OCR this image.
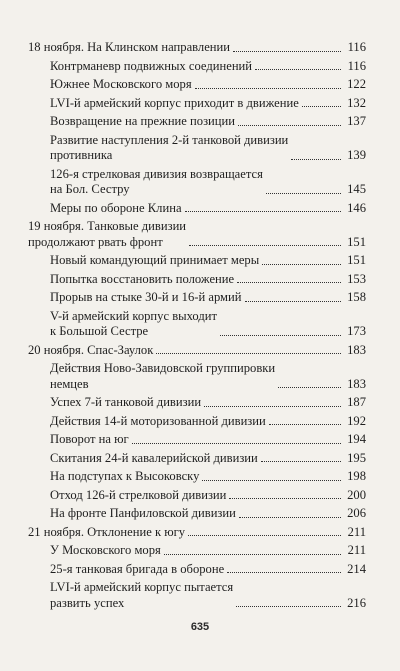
18 ноября. На Клинском направлении	116
Контрманевр подвижных соединений	116
Южнее Московского моря	122
LVI-й армейский корпус приходит в движение	132
Возвращение на прежние позиции	137
Развитие наступления 2-й танковой дивизии
противника	139
126-я стрелковая дивизия возвращается
на Бол. Сестру	145
Меры по обороне Клина	146
19 ноября. Танковые дивизии
продолжают рвать фронт	151
Новый командующий принимает меры	151
Попытка восстановить положение	153
Прорыв на стыке 30-й и 16-й армий	158
V-й армейский корпус выходит
к Большой Сестре	173
20 ноября. Спас-Заулок	183
Действия Ново-Завидовской группировки
немцев	183
Успех 7-й танковой дивизии	187
Действия 14-й моторизованной дивизии	192
Поворот на юг	194
Скитания 24-й кавалерийской дивизии	195
На подступах к Высоковску	198
Отход 126-й стрелковой дивизии	200
На фронте Панфиловской дивизии	206
21 ноября. Отклонение к югу	211
У Московского моря	211
25-я танковая бригада в обороне	214
LVI-й армейский корпус пытается
развить успех	216
635
